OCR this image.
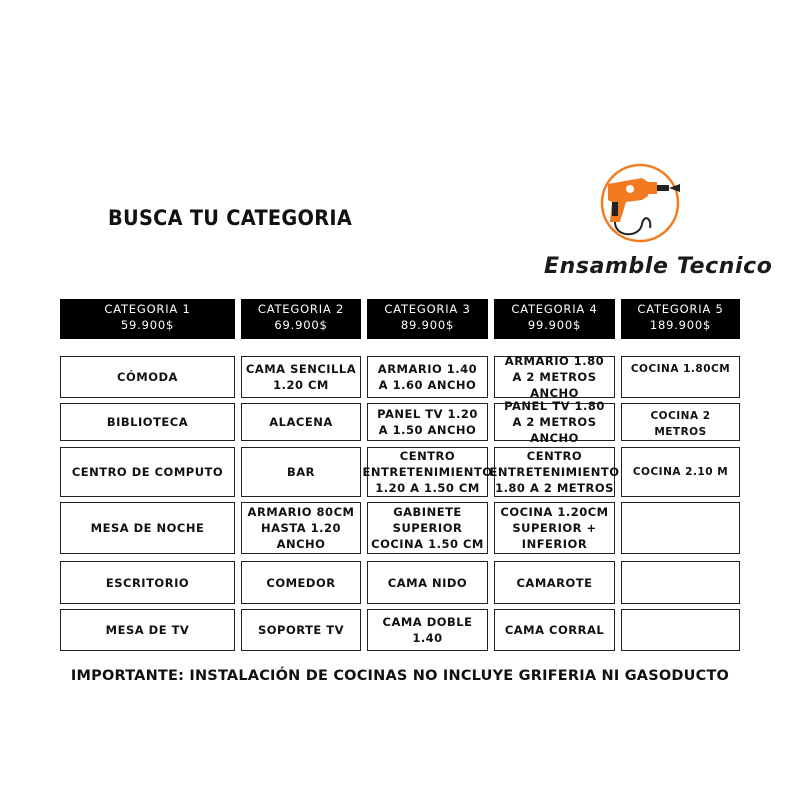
BUSCA TU CATEGORIA
Ensamble Tecnico
CATEGORIA 1
59.900$
CÓMODA
BIBLIOTECA
CENTRO DE COMPUTO
MESA DE NOCHE
ESCRITORIO
MESA DE TV
CATEGORIA 2
69.900$
CAMA SENCILLA 1.20 CM
ALACENA
BAR
ARMARIO 80CM HASTA 1.20 ANCHO
COMEDOR
SOPORTE TV
CATEGORIA 3
89.900$
ARMARIO 1.40 A 1.60 ANCHO
PANEL TV 1.20 A 1.50 ANCHO
CENTRO ENTRETENIMIENTO 1.20 A 1.50 CM
GABINETE SUPERIOR COCINA 1.50 CM
CAMA NIDO
CAMA DOBLE 1.40
CATEGORIA 4
99.900$
ARMARIO 1.80 A 2 METROS ANCHO
PANEL TV 1.80 A 2 METROS ANCHO
CENTRO ENTRETENIMIENTO 1.80 A 2 METROS
COCINA 1.20CM SUPERIOR + INFERIOR
CAMAROTE
CAMA CORRAL
CATEGORIA 5
189.900$
COCINA 1.80CM
COCINA 2 METROS
COCINA 2.10 M
IMPORTANTE: INSTALACIÓN DE COCINAS NO INCLUYE GRIFERIA NI GASODUCTO
